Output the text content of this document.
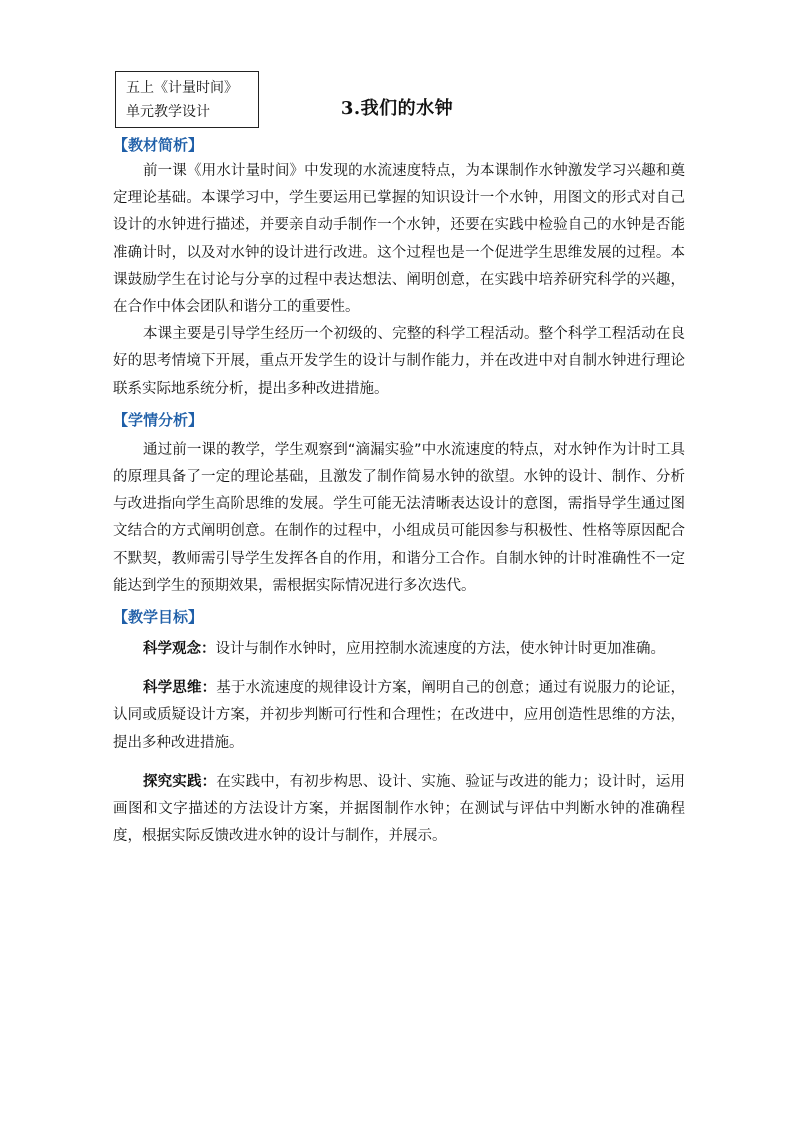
五上《计量时间》
单元教学设计	3.我们的水钟
【教材简析】

前一课《用水计量时间》中发现的水流速度特点，为本课制作水钟激发学习兴趣和奠定理论基础。本课学习中，学生要运用已掌握的知识设计一个水钟，用图文的形式对自己设计的水钟进行描述，并要亲自动手制作一个水钟，还要在实践中检验自己的水钟是否能准确计时，以及对水钟的设计进行改进。这个过程也是一个促进学生思维发展的过程。本课鼓励学生在讨论与分享的过程中表达想法、阐明创意，在实践中培养研究科学的兴趣，在合作中体会团队和谐分工的重要性。

本课主要是引导学生经历一个初级的、完整的科学工程活动。整个科学工程活动在良好的思考情境下开展，重点开发学生的设计与制作能力，并在改进中对自制水钟进行理论联系实际地系统分析，提出多种改进措施。

【学情分析】

通过前一课的教学，学生观察到“滴漏实验”中水流速度的特点，对水钟作为计时工具的原理具备了一定的理论基础，且激发了制作简易水钟的欲望。水钟的设计、制作、分析与改进指向学生高阶思维的发展。学生可能无法清晰表达设计的意图，需指导学生通过图文结合的方式阐明创意。在制作的过程中，小组成员可能因参与积极性、性格等原因配合不默契，教师需引导学生发挥各自的作用，和谐分工合作。自制水钟的计时准确性不一定能达到学生的预期效果，需根据实际情况进行多次迭代。

【教学目标】

科学观念：设计与制作水钟时，应用控制水流速度的方法，使水钟计时更加准确。

科学思维：基于水流速度的规律设计方案，阐明自己的创意；通过有说服力的论证，认同或质疑设计方案，并初步判断可行性和合理性；在改进中，应用创造性思维的方法，提出多种改进措施。

探究实践：在实践中，有初步构思、设计、实施、验证与改进的能力；设计时，运用画图和文字描述的方法设计方案，并据图制作水钟；在测试与评估中判断水钟的准确程度，根据实际反馈改进水钟的设计与制作，并展示。
